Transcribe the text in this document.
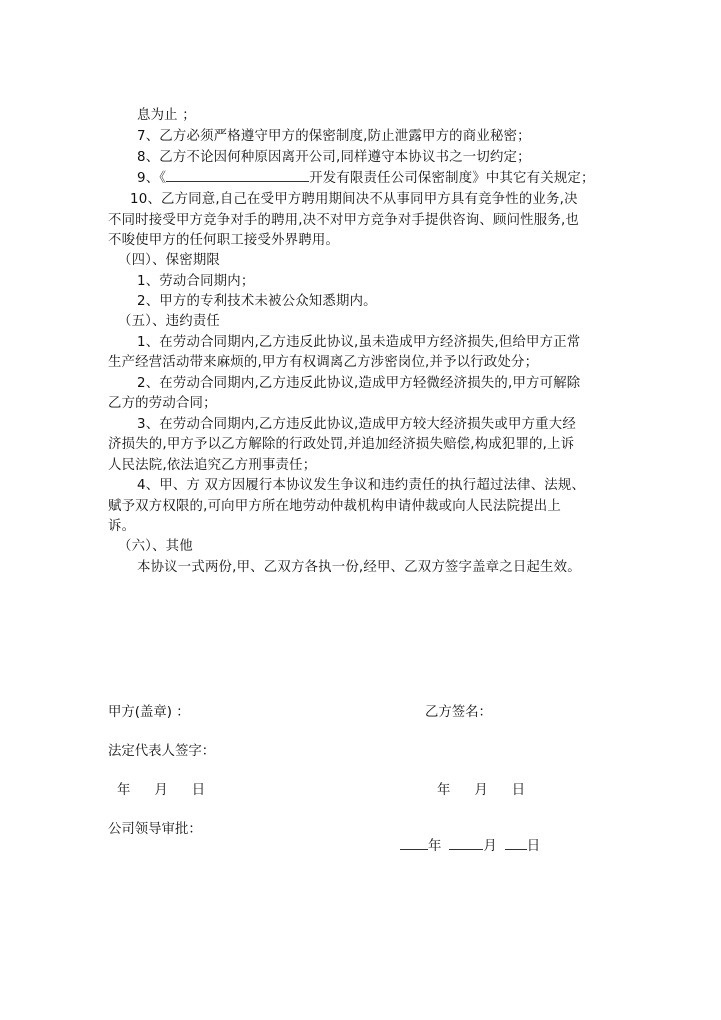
息为止 ；
7、乙方必须严格遵守甲方的保密制度,防止泄露甲方的商业秘密；
8、乙方不论因何种原因离开公司,同样遵守本协议书之一切约定；
9、《	开发有限责任公司保密制度》中其它有关规定；
10、乙方同意,自己在受甲方聘用期间决不从事同甲方具有竞争性的业务,决
不同时接受甲方竞争对手的聘用,决不对甲方竞争对手提供咨询、顾问性服务,也
不唆使甲方的任何职工接受外界聘用。
（四）、保密期限
1、劳动合同期内；
2、甲方的专利技术未被公众知悉期内。
（五）、违约责任
1、在劳动合同期内,乙方违反此协议,虽未造成甲方经济损失,但给甲方正常
生产经营活动带来麻烦的,甲方有权调离乙方涉密岗位,并予以行政处分；
2、在劳动合同期内,乙方违反此协议,造成甲方轻微经济损失的,甲方可解除
乙方的劳动合同；
3、在劳动合同期内,乙方违反此协议,造成甲方较大经济损失或甲方重大经
济损失的,甲方予以乙方解除的行政处罚,并追加经济损失赔偿,构成犯罪的,上诉
人民法院,依法追究乙方刑事责任；
4、甲、方 双方因履行本协议发生争议和违约责任的执行超过法律、法规、
赋予双方权限的,可向甲方所在地劳动仲裁机构申请仲裁或向人民法院提出上
诉。
（六）、其他
本协议一式两份,甲、乙双方各执一份,经甲、乙双方签字盖章之日起生效。
甲方(盖章) ：	乙方签名：
法定代表人签字：
年 月 日	年 月 日
公司领导审批：
年	月 日
